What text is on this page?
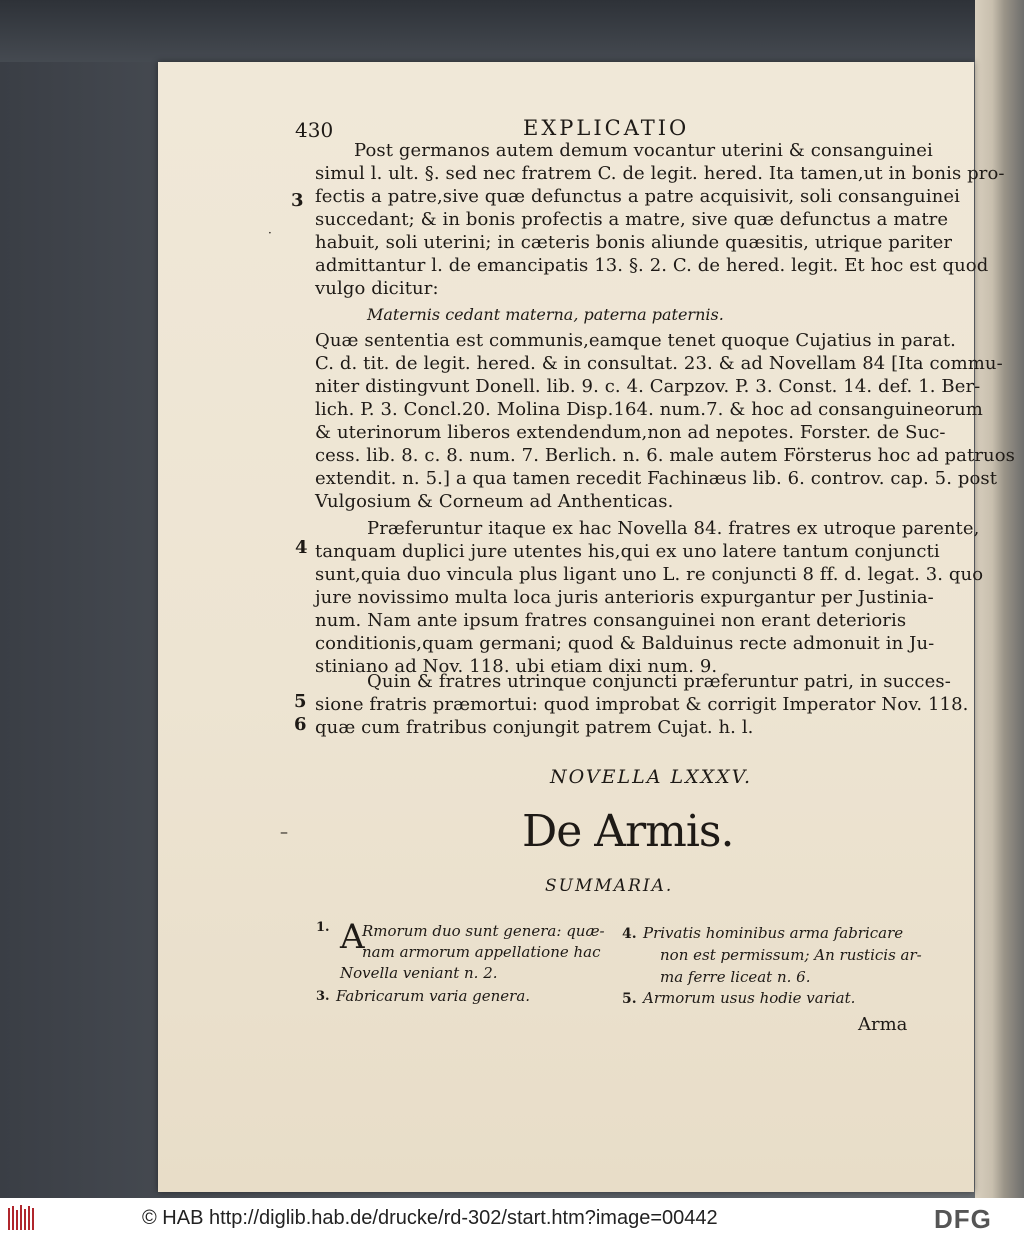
430	EXPLICATIO
Post germanos autem demum vocantur uterini & consanguinei
simul l. ult. §. sed nec fratrem C. de legit. hered. Ita tamen,ut in bonis pro-
fectis a patre,sive quæ defunctus a patre acquisivit, soli consanguinei
succedant; & in bonis profectis a matre, sive quæ defunctus a matre
habuit, soli uterini; in cæteris bonis aliunde quæsitis, utrique pariter
admittantur l. de emancipatis 13. §. 2. C. de hered. legit. Et hoc est quod
vulgo dicitur:
Maternis cedant materna, paterna paternis.
Quæ sententia est communis,eamque tenet quoque Cujatius in parat.
C. d. tit. de legit. hered. & in consultat. 23. & ad Novellam 84 [Ita commu-
niter distingvunt Donell. lib. 9. c. 4. Carpzov. P. 3. Const. 14. def. 1. Ber-
lich. P. 3. Concl.20. Molina Disp.164. num.7. & hoc ad consanguineorum
& uterinorum liberos extendendum,non ad nepotes. Forster. de Suc-
cess. lib. 8. c. 8. num. 7. Berlich. n. 6. male autem Försterus hoc ad patruos
extendit. n. 5.] a qua tamen recedit Fachinæus lib. 6. controv. cap. 5. post
Vulgosium & Corneum ad Anthenticas.
Præferuntur itaque ex hac Novella 84. fratres ex utroque parente,
tanquam duplici jure utentes his,qui ex uno latere tantum conjuncti
sunt,quia duo vincula plus ligant uno L. re conjuncti 8 ff. d. legat. 3. quo
jure novissimo multa loca juris anterioris expurgantur per Justinia-
num. Nam ante ipsum fratres consanguinei non erant deterioris
conditionis,quam germani; quod & Balduinus recte admonuit in Ju-
stiniano ad Nov. 118. ubi etiam dixi num. 9.
Quin & fratres utrinque conjuncti præferuntur patri, in succes-
sione fratris præmortui: quod improbat & corrigit Imperator Nov. 118.
quæ cum fratribus conjungit patrem Cujat. h. l.
3
4
5
6
NOVELLA LXXXV.
De Armis.
SUMMARIA.
1. A
Rmorum duo sunt genera: quæ-
nam armorum appellatione hac
Novella veniant n. 2.
3. Fabricarum varia genera.
4. Privatis hominibus arma fabricare
non est permissum; An rusticis ar-
ma ferre liceat n. 6.
5. Armorum usus hodie variat.
Arma
·
–
© HAB http://diglib.hab.de/drucke/rd-302/start.htm?image=00442	DFG
